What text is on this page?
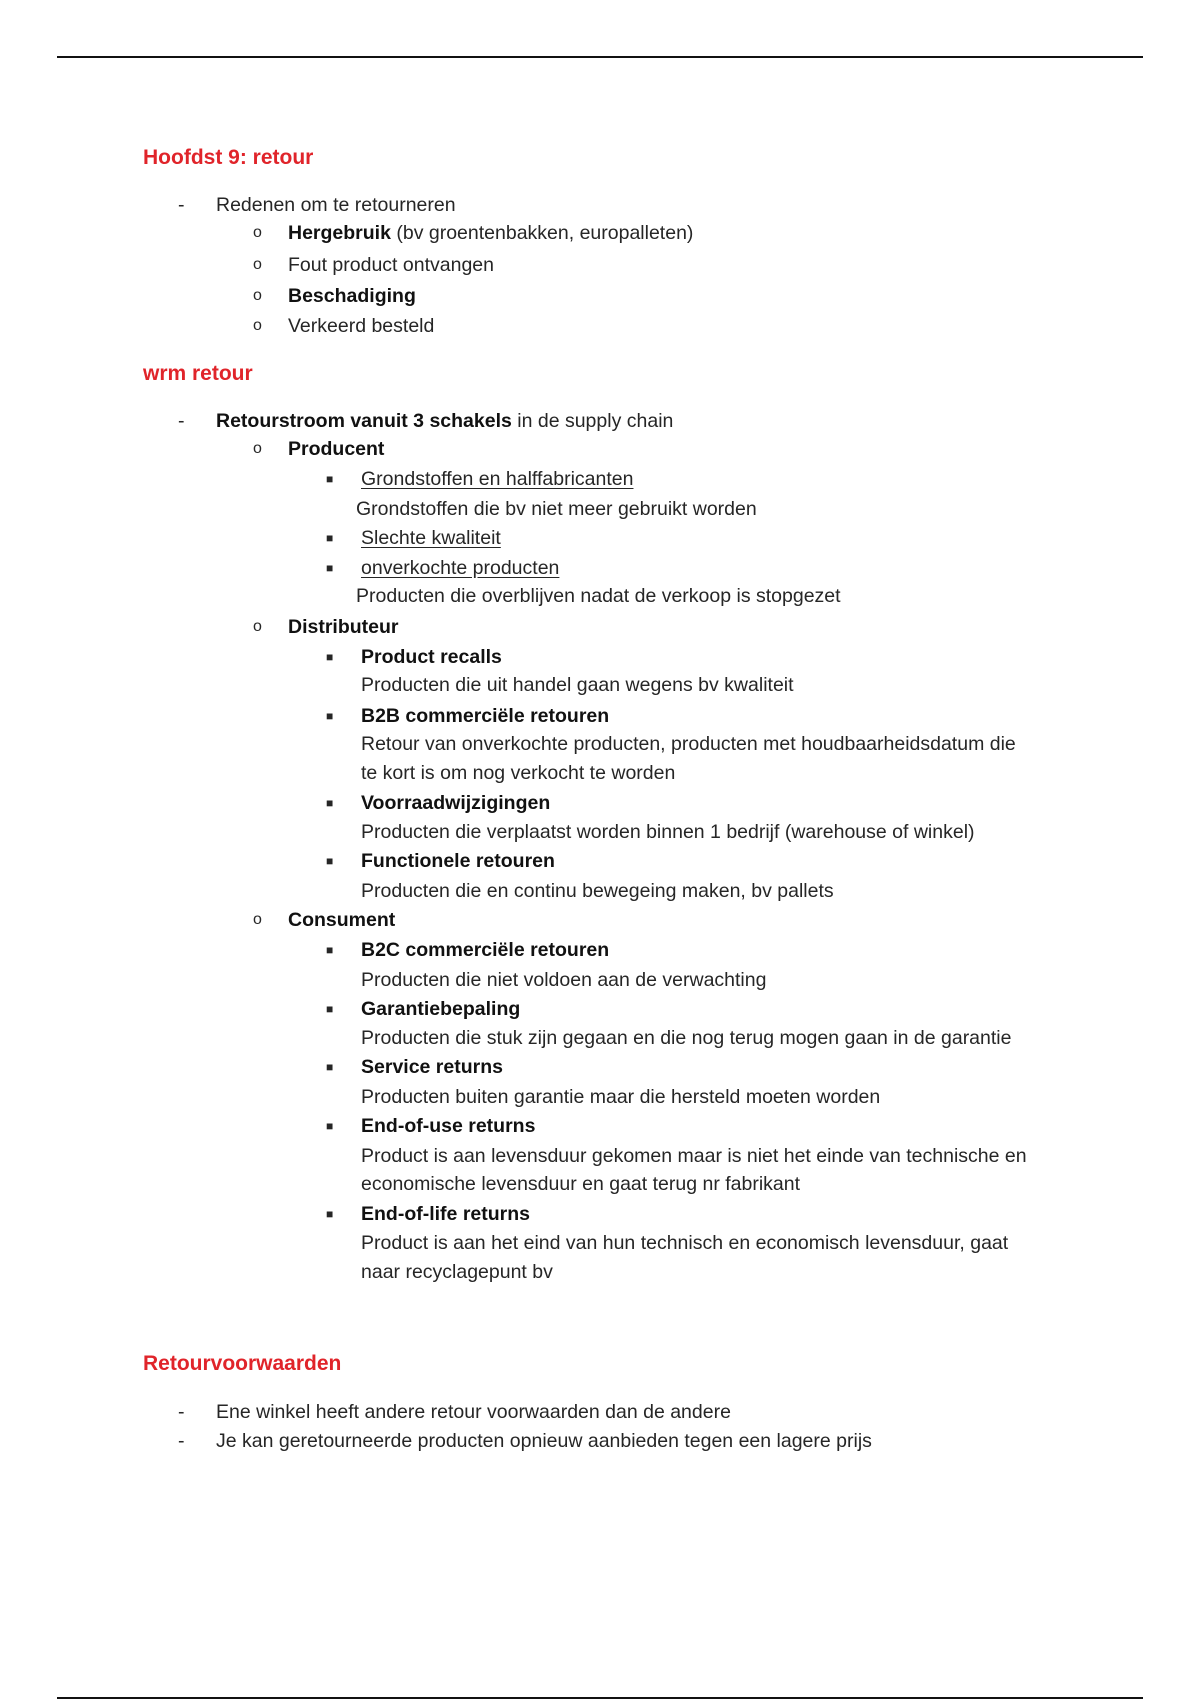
Hoofdst 9: retour
- Redenen om te retourneren
o Hergebruik (bv groentenbakken, europalleten)
o Fout product ontvangen
o Beschadiging
o Verkeerd besteld
wrm retour
- Retourstroom vanuit 3 schakels in de supply chain
o Producent
■ Grondstoffen en halffabricanten
Grondstoffen die bv niet meer gebruikt worden
■ Slechte kwaliteit
■ onverkochte producten
Producten die overblijven nadat de verkoop is stopgezet
o Distributeur
■ Product recalls
Producten die uit handel gaan wegens bv kwaliteit
■ B2B commerciële retouren
Retour van onverkochte producten, producten met houdbaarheidsdatum die
te kort is om nog verkocht te worden
■ Voorraadwijzigingen
Producten die verplaatst worden binnen 1 bedrijf (warehouse of winkel)
■ Functionele retouren
Producten die en continu bewegeing maken, bv pallets
o Consument
■ B2C commerciële retouren
Producten die niet voldoen aan de verwachting
■ Garantiebepaling
Producten die stuk zijn gegaan en die nog terug mogen gaan in de garantie
■ Service returns
Producten buiten garantie maar die hersteld moeten worden
■ End-of-use returns
Product is aan levensduur gekomen maar is niet het einde van technische en
economische levensduur en gaat terug nr fabrikant
■ End-of-life returns
Product is aan het eind van hun technisch en economisch levensduur, gaat
naar recyclagepunt bv
Retourvoorwaarden
- Ene winkel heeft andere retour voorwaarden dan de andere
- Je kan geretourneerde producten opnieuw aanbieden tegen een lagere prijs
